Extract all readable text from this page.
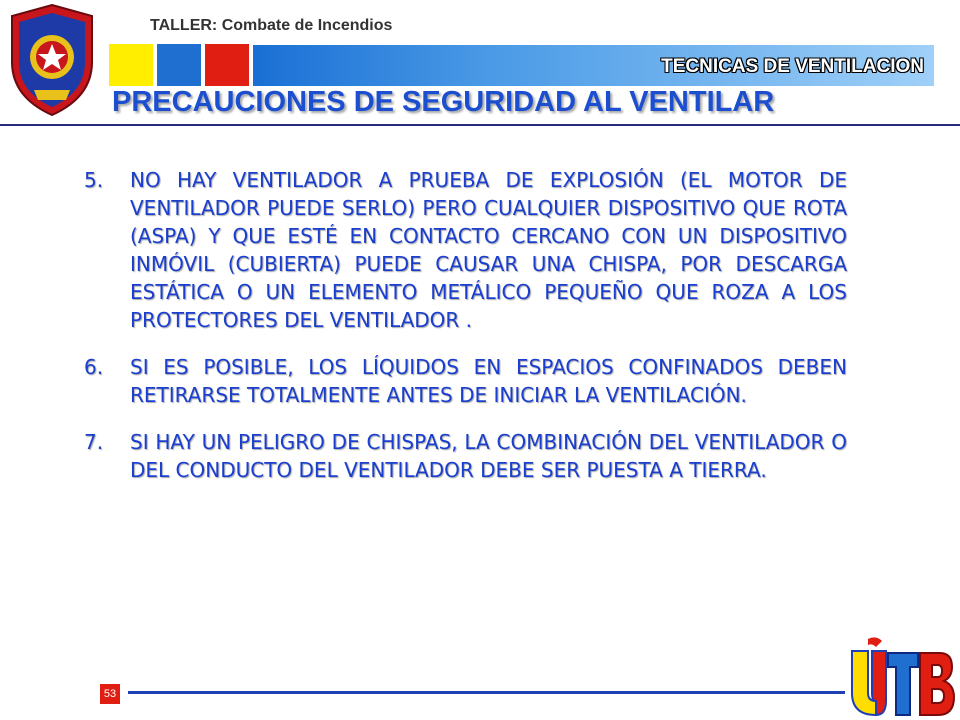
TALLER: Combate de Incendios
TECNICAS DE VENTILACION
PRECAUCIONES DE SEGURIDAD AL VENTILAR
5.	NO HAY VENTILADOR A PRUEBA DE EXPLOSIÓN (EL MOTOR DE VENTILADOR PUEDE SERLO) PERO CUALQUIER DISPOSITIVO QUE ROTA (ASPA) Y QUE ESTÉ EN CONTACTO CERCANO CON UN DISPOSITIVO INMÓVIL (CUBIERTA) PUEDE CAUSAR UNA CHISPA, POR DESCARGA ESTÁTICA O UN ELEMENTO METÁLICO PEQUEÑO QUE ROZA A LOS PROTECTORES DEL VENTILADOR .
6.	SI ES POSIBLE, LOS LÍQUIDOS EN ESPACIOS CONFINADOS DEBEN RETIRARSE TOTALMENTE ANTES DE INICIAR LA VENTILACIÓN.
7.	SI HAY UN PELIGRO DE CHISPAS, LA COMBINACIÓN DEL VENTILADOR O DEL CONDUCTO DEL VENTILADOR DEBE SER PUESTA A TIERRA.
53
